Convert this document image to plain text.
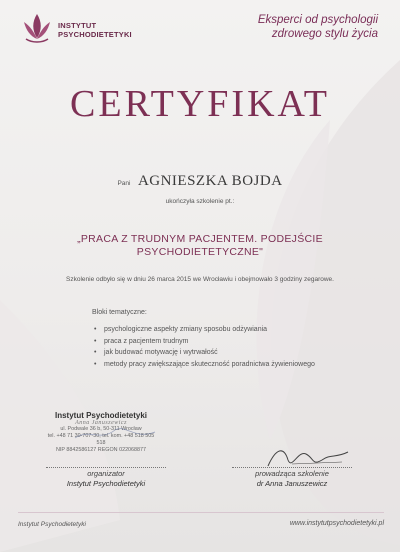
INSTYTUT
PSYCHODIETETYKI
Eksperci od psychologii
zdrowego stylu życia
CERTYFIKAT
Pani AGNIESZKA BOJDA
ukończyła szkolenie pt.:
„PRACA Z TRUDNYM PACJENTEM. PODEJŚCIE
PSYCHODIETETYCZNE"
Szkolenie odbyło się w dniu 26 marca 2015 we Wrocławiu i obejmowało 3 godziny zegarowe.
Bloki tematyczne:
• psychologiczne aspekty zmiany sposobu odżywiania
• praca z pacjentem trudnym
• jak budować motywację i wytrwałość
• metody pracy zwiększające skuteczność poradnictwa żywieniowego
Instytut Psychodietetyki
Anna Januszewicz
ul. Podwale 36 b, 50-311 Wrocław
tel. +48 71 30-707-30, tel. kom. +48 518 505 518
NIP 8842586127 REGON 022068877
organizator
Instytut Psychodietetyki
prowadząca szkolenie
dr Anna Januszewicz
Instytut Psychodietetyki	www.instytutpsychodietetyki.pl
